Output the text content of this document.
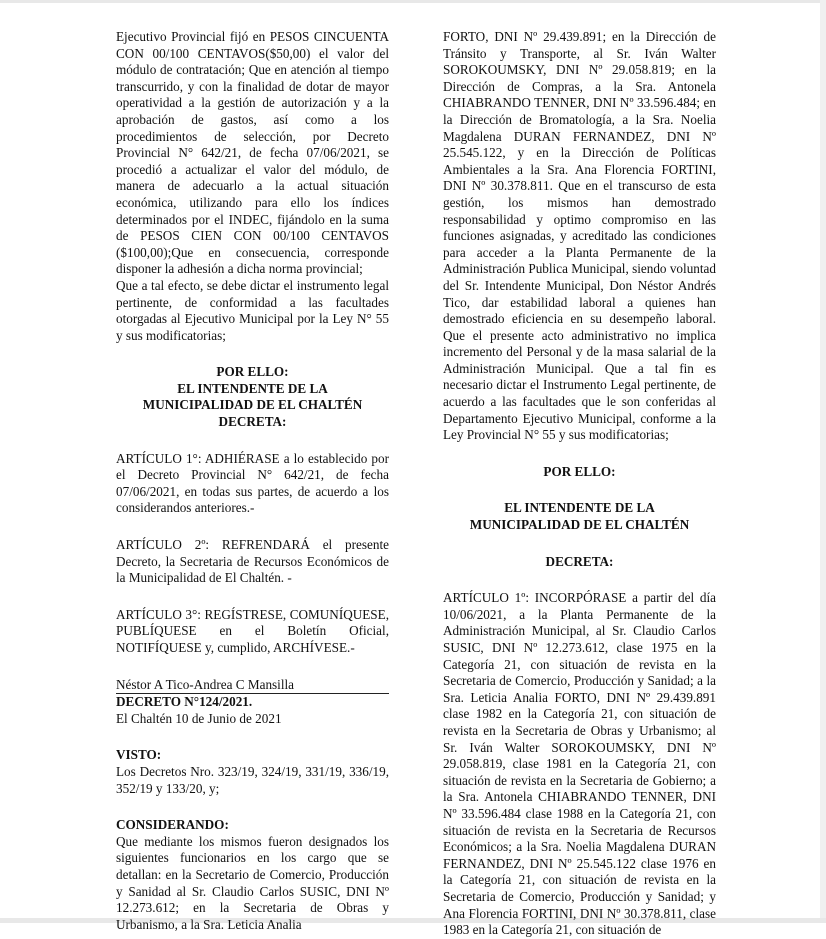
Ejecutivo Provincial fijó en PESOS CINCUENTA CON 00/100 CENTAVOS($50,00) el valor del módulo de contratación; Que en atención al tiempo transcurrido, y con la finalidad de dotar de mayor operatividad a la gestión de autorización y a la aprobación de gastos, así como a los procedimientos de selección, por Decreto Provincial N° 642/21, de fecha 07/06/2021, se procedió a actualizar el valor del módulo, de manera de adecuarlo a la actual situación económica, utilizando para ello los índices determinados por el INDEC, fijándolo en la suma de PESOS CIEN CON 00/100 CENTAVOS ($100,00);Que en consecuencia, corresponde disponer la adhesión a dicha norma provincial;

Que a tal efecto, se debe dictar el instrumento legal pertinente, de conformidad a las facultades otorgadas al Ejecutivo Municipal por la Ley N° 55 y sus modificatorias;

POR ELLO:

EL INTENDENTE DE LA

MUNICIPALIDAD DE EL CHALTÉN

DECRETA:

ARTÍCULO 1°: ADHIÉRASE a lo establecido por el Decreto Provincial N° 642/21, de fecha 07/06/2021, en todas sus partes, de acuerdo a los considerandos anteriores.-

ARTÍCULO 2º: REFRENDARÁ el presente Decreto, la Secretaria de Recursos Económicos de la Municipalidad de El Chaltén. -

ARTÍCULO 3°: REGÍSTRESE, COMUNÍQUESE, PUBLÍQUESE en el Boletín Oficial, NOTIFÍQUESE y, cumplido, ARCHÍVESE.-

Néstor A Tico-Andrea C Mansilla

DECRETO N°124/2021.

El Chaltén 10 de Junio de 2021

VISTO:

Los Decretos Nro. 323/19, 324/19, 331/19, 336/19, 352/19 y 133/20, y;

CONSIDERANDO:

Que mediante los mismos fueron designados los siguientes funcionarios en los cargo que se detallan: en la Secretario de Comercio, Producción y Sanidad al Sr. Claudio Carlos SUSIC, DNI Nº 12.273.612; en la Secretaria de Obras y Urbanismo, a la Sra. Leticia Analia

FORTO, DNI Nº 29.439.891; en la Dirección de Tránsito y Transporte, al Sr. Iván Walter SOROKOUMSKY, DNI Nº 29.058.819; en la Dirección de Compras, a la Sra. Antonela CHIABRANDO TENNER, DNI Nº 33.596.484; en la Dirección de Bromatología, a la Sra. Noelia Magdalena DURAN FERNANDEZ, DNI Nº 25.545.122, y en la Dirección de Políticas Ambientales a la Sra. Ana Florencia FORTINI, DNI Nº 30.378.811. Que en el transcurso de esta gestión, los mismos han demostrado responsabilidad y optimo compromiso en las funciones asignadas, y acreditado las condiciones para acceder a la Planta Permanente de la Administración Publica Municipal, siendo voluntad del Sr. Intendente Municipal, Don Néstor Andrés Tico, dar estabilidad laboral a quienes han demostrado eficiencia en su desempeño laboral. Que el presente acto administrativo no implica incremento del Personal y de la masa salarial de la Administración Municipal. Que a tal fin es necesario dictar el Instrumento Legal pertinente, de acuerdo a las facultades que le son conferidas al Departamento Ejecutivo Municipal, conforme a la Ley Provincial N° 55 y sus modificatorias;

POR ELLO:

EL INTENDENTE DE LA

MUNICIPALIDAD DE EL CHALTÉN

DECRETA:

ARTÍCULO 1º: INCORPÓRASE a partir del día 10/06/2021, a la Planta Permanente de la Administración Municipal, al Sr. Claudio Carlos SUSIC, DNI Nº 12.273.612, clase 1975 en la Categoría 21, con situación de revista en la Secretaria de Comercio, Producción y Sanidad; a la Sra. Leticia Analia FORTO, DNI Nº 29.439.891 clase 1982 en la Categoría 21, con situación de revista en la Secretaria de Obras y Urbanismo; al Sr. Iván Walter SOROKOUMSKY, DNI Nº 29.058.819, clase 1981 en la Categoría 21, con situación de revista en la Secretaria de Gobierno; a la Sra. Antonela CHIABRANDO TENNER, DNI Nº 33.596.484 clase 1988 en la Categoría 21, con situación de revista en la Secretaria de Recursos Económicos; a la Sra. Noelia Magdalena DURAN FERNANDEZ, DNI Nº 25.545.122 clase 1976 en la Categoría 21, con situación de revista en la Secretaria de Comercio, Producción y Sanidad; y Ana Florencia FORTINI, DNI Nº 30.378.811, clase 1983 en la Categoría 21, con situación de
